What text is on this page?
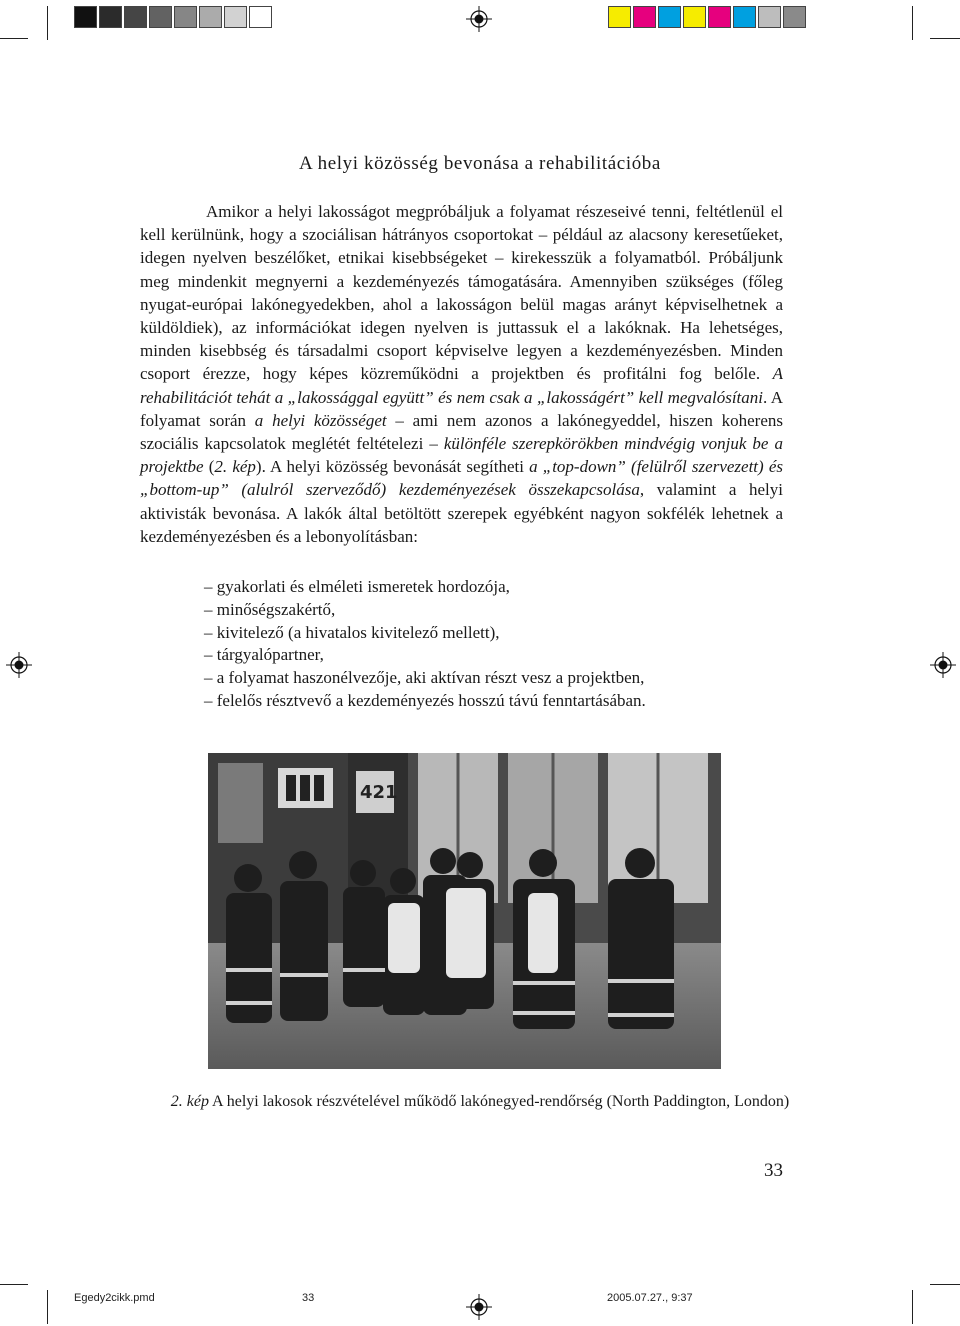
A helyi közösség bevonása a rehabilitációba

Amikor a helyi lakosságot megpróbáljuk a folyamat részeseivé tenni, feltétlenül el kell kerülnünk, hogy a szociálisan hátrányos csoportokat – például az alacsony keresetűeket, idegen nyelven beszélőket, etnikai kisebbségeket – kirekesszük a folyamatból. Próbáljunk meg mindenkit megnyerni a kezdeményezés támogatására. Amennyiben szükséges (főleg nyugat-európai lakónegyedekben, ahol a lakosságon belül magas arányt képviselhetnek a küldöldiek), az információkat idegen nyelven is juttassuk el a lakóknak. Ha lehetséges, minden kisebbség és társadalmi csoport képviselve legyen a kezdeményezésben. Minden csoport érezze, hogy képes közreműködni a projektben és profitálni fog belőle. A rehabilitációt tehát a „lakossággal együtt” és nem csak a „lakosságért” kell megvalósítani. A folyamat során a helyi közösséget – ami nem azonos a lakónegyeddel, hiszen koherens szociális kapcsolatok meglétét feltételezi – különféle szerepkörökben mindvégig vonjuk be a projektbe (2. kép). A helyi közösség bevonását segítheti a „top-down” (felülről szervezett) és „bottom-up” (alulról szerveződő) kezdeményezések összekapcsolása, valamint a helyi aktivisták bevonása. A lakók által betöltött szerepek egyébként nagyon sokfélék lehetnek a kezdeményezésben és a lebonyolításban:

– gyakorlati és elméleti ismeretek hordozója,
– minőségszakértő,
– kivitelező (a hivatalos kivitelező mellett),
– tárgyalópartner,
– a folyamat haszonélvezője, aki aktívan részt vesz a projektben,
– felelős résztvevő a kezdeményezés hosszú távú fenntartásában.
421
2. kép A helyi lakosok részvételével működő lakónegyed-rendőrség (North Paddington, London)
33
Egedy2cikk.pmd	33	2005.07.27., 9:37
